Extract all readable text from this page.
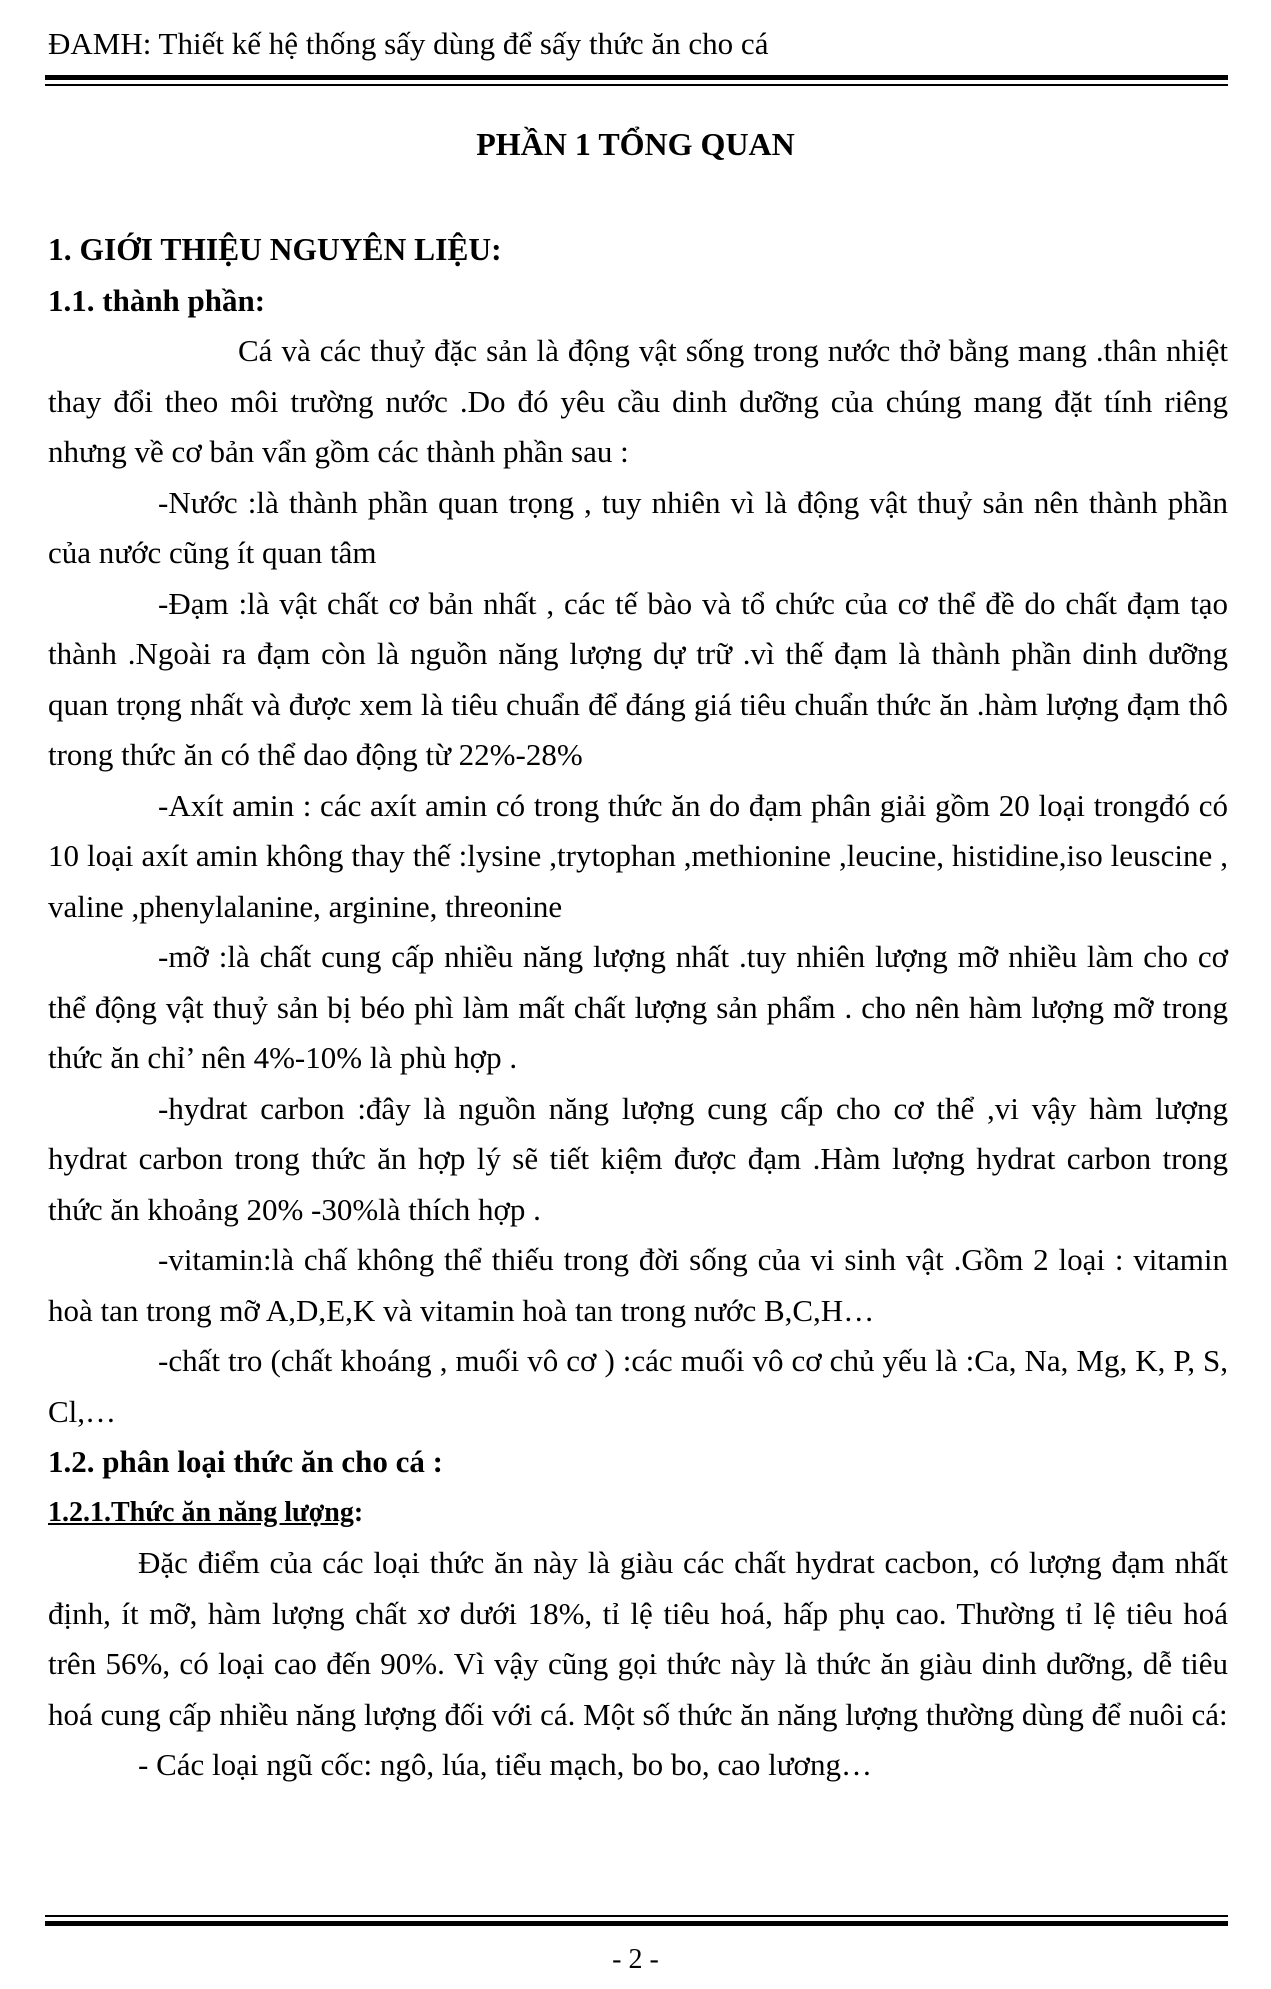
ĐAMH: Thiết kế hệ thống sấy dùng để sấy thức ăn cho cá
PHẦN 1 TỔNG QUAN

1. GIỚI THIỆU NGUYÊN LIỆU:

1.1. thành phần:

Cá và các thuỷ đặc sản là động vật sống trong nước thở bằng mang .thân nhiệt thay đổi theo môi trường nước .Do đó yêu cầu dinh dưỡng của chúng mang đặt tính riêng nhưng về cơ bản vẩn gồm các thành phần sau :

-Nước :là thành phần quan trọng , tuy nhiên vì là động vật thuỷ sản nên thành phần của nước cũng ít quan tâm

-Đạm :là vật chất cơ bản nhất , các tế bào và tổ chức của cơ thể đề do chất đạm tạo thành .Ngoài ra đạm còn là nguồn năng lượng dự trữ .vì thế đạm là thành phần dinh dưỡng quan trọng nhất và được xem là tiêu chuẩn để đáng giá tiêu chuẩn thức ăn .hàm lượng đạm thô trong thức ăn có thể dao động từ 22%-28%

-Axít amin : các axít amin có trong thức ăn do đạm phân giải gồm 20 loại trongđó có 10 loại axít amin không thay thế :lysine ,trytophan ,methionine ,leucine, histidine,iso leuscine , valine ,phenylalanine, arginine, threonine

-mỡ :là chất cung cấp nhiều năng lượng nhất .tuy nhiên lượng mỡ nhiều làm cho cơ thể động vật thuỷ sản bị béo phì làm mất chất lượng sản phẩm . cho nên hàm lượng mỡ trong thức ăn chỉ’ nên 4%-10% là phù hợp .

-hydrat carbon :đây là nguồn năng lượng cung cấp cho cơ thể ,vi vậy hàm lượng hydrat carbon trong thức ăn hợp lý sẽ tiết kiệm được đạm .Hàm lượng hydrat carbon trong thức ăn khoảng 20% -30%là thích hợp .

-vitamin:là chấ không thể thiếu trong đời sống của vi sinh vật .Gồm 2 loại : vitamin hoà tan trong mỡ A,D,E,K và vitamin hoà tan trong nước B,C,H…

-chất tro (chất khoáng , muối vô cơ ) :các muối vô cơ chủ yếu là :Ca, Na, Mg, K, P, S, Cl,…

1.2. phân loại thức ăn cho cá :

1.2.1.Thức ăn năng lượng:

Đặc điểm của các loại thức ăn này là giàu các chất hydrat cacbon, có lượng đạm nhất định, ít mỡ, hàm lượng chất xơ dưới 18%, tỉ lệ tiêu hoá, hấp phụ cao. Thường tỉ lệ tiêu hoá trên 56%, có loại cao đến 90%. Vì vậy cũng gọi thức này là thức ăn giàu dinh dưỡng, dễ tiêu hoá cung cấp nhiều năng lượng đối với cá. Một số thức ăn năng lượng thường dùng để nuôi cá:

- Các loại ngũ cốc: ngô, lúa, tiểu mạch, bo bo, cao lương…

- 2 -
